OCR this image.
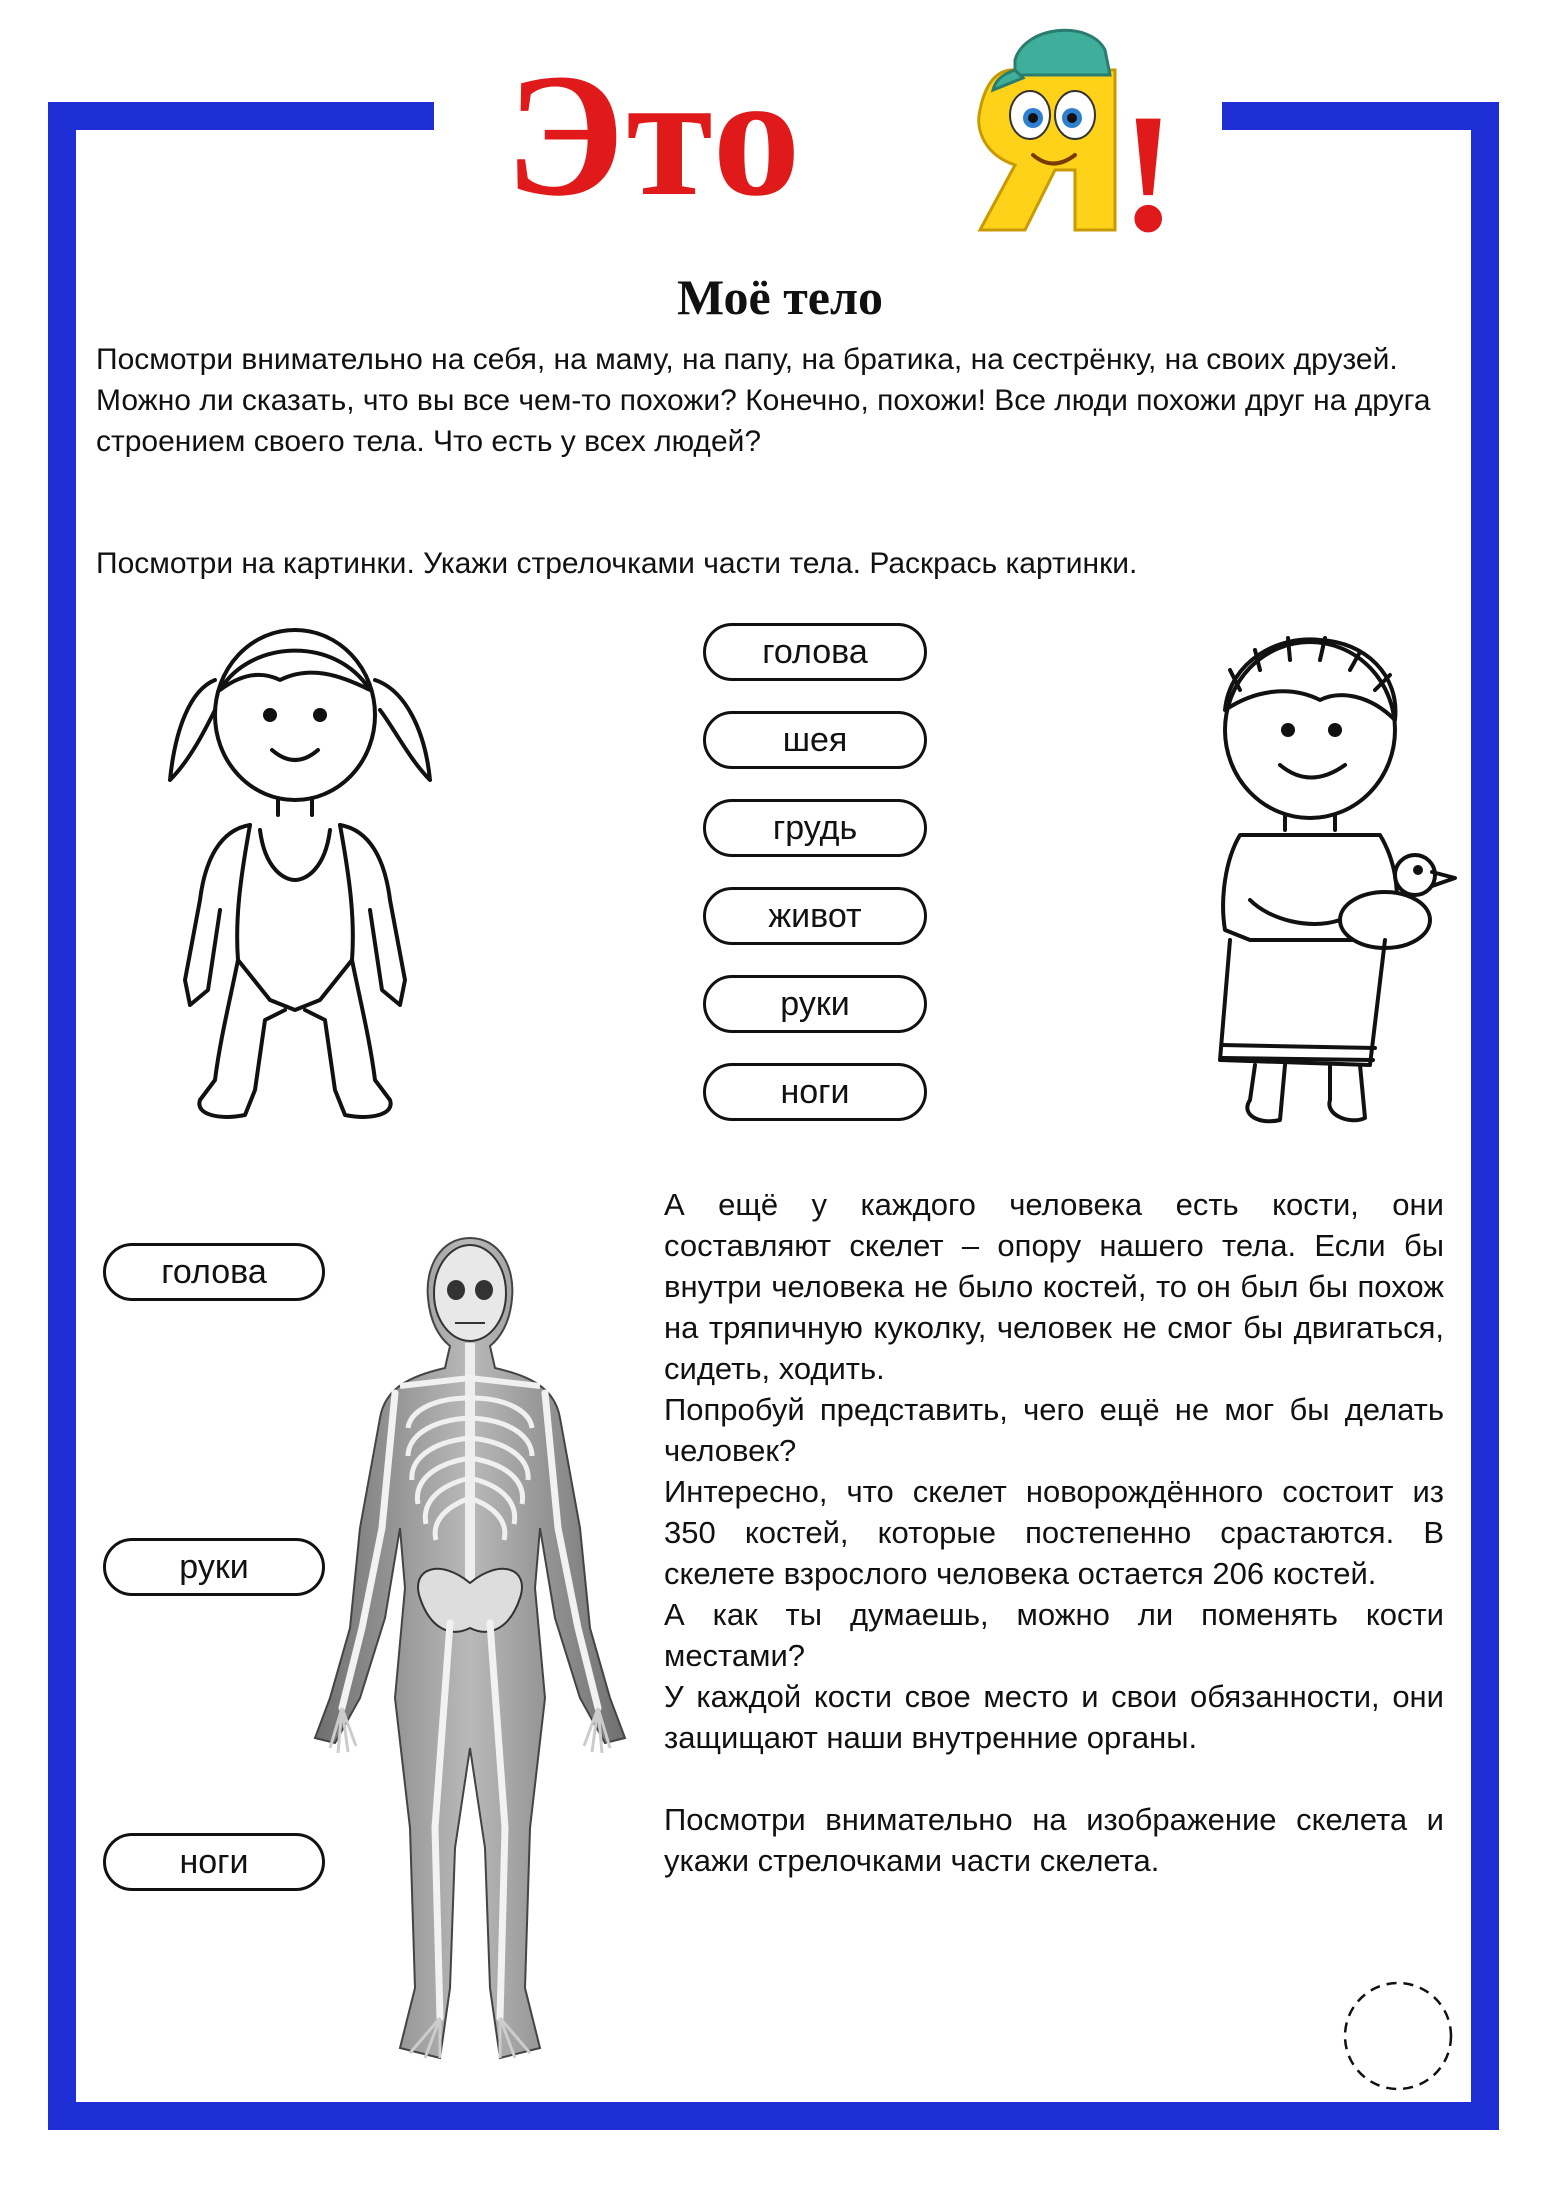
Это !
Моё тело

Посмотри внимательно на себя, на маму, на папу, на братика, на сестрёнку, на своих друзей. Можно ли сказать, что вы все чем-то похожи? Конечно, похожи! Все люди похожи друг на друга строением своего тела. Что есть у всех людей?

Посмотри на картинки. Укажи стрелочками части тела. Раскрась картинки.

голова
шея
грудь
живот
руки
ноги
голова
руки
ноги

А ещё у каждого человека есть кости, они составляют скелет – опору нашего тела. Если бы внутри человека не было костей, то он был бы похож на тряпичную куколку, человек не смог бы двигаться, сидеть, ходить.

Попробуй представить, чего ещё не мог бы делать человек?

Интересно, что скелет новорождённого состоит из 350 костей, которые постепенно срастаются. В скелете взрослого человека остается 206 костей.

А как ты думаешь, можно ли поменять кости местами?

У каждой кости свое место и свои обязанности, они защищают наши внутренние органы.

Посмотри внимательно на изображение скелета и укажи стрелочками части скелета.
